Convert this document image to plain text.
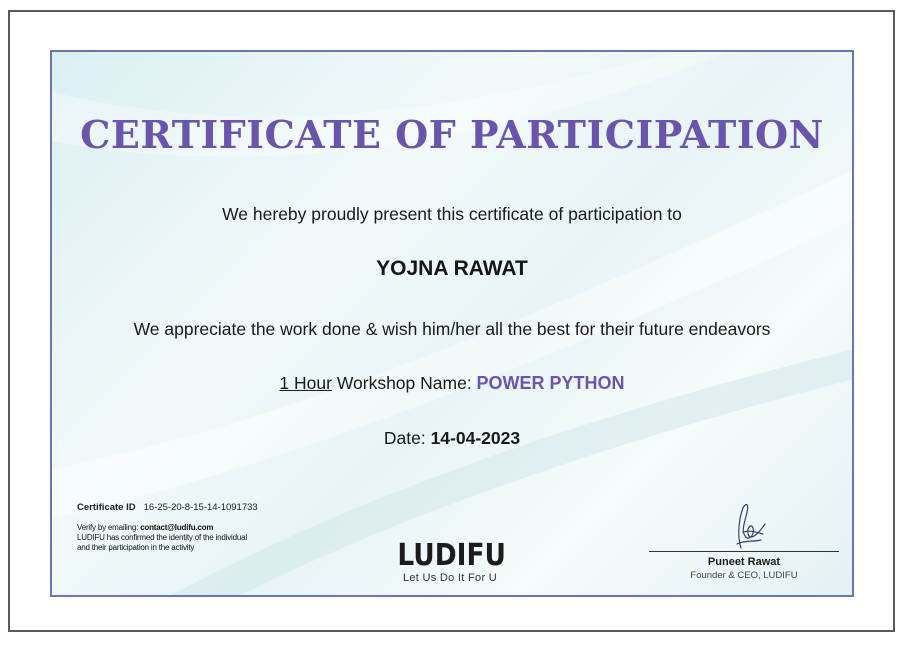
CERTIFICATE OF PARTICIPATION
We hereby proudly present this certificate of participation to
YOJNA RAWAT
We appreciate the work done & wish him/her all the best for their future endeavors
1 Hour Workshop Name: POWER PYTHON
Date: 14-04-2023
Certificate ID 16-25-20-8-15-14-1091733
Verify by emailing: contact@ludifu.com
LUDIFU has confirmed the identity of the individual and their participation in the activity	LUDIFU
Let Us Do It For U
Puneet Rawat
Founder & CEO, LUDIFU
